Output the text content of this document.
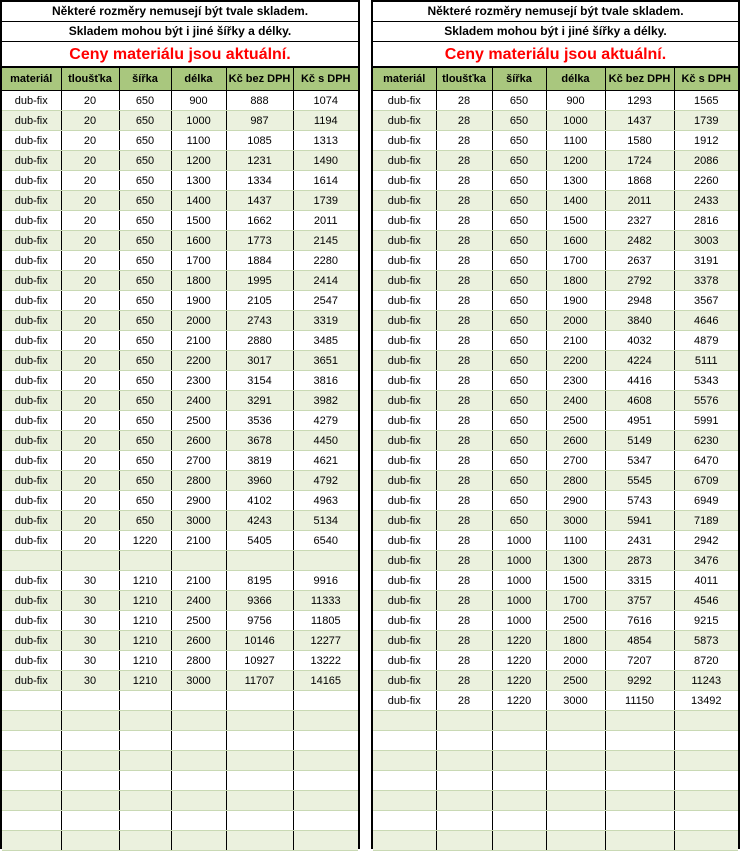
Některé rozměry nemusejí být tvale skladem.
Skladem mohou být i jiné šířky a délky.
Ceny materiálu jsou aktuální.
materiál	tloušťka	šířka	délka	Kč bez DPH	Kč s DPH
dub-fix	20	650	900	888	1074
dub-fix	20	650	1000	987	1194
dub-fix	20	650	1100	1085	1313
dub-fix	20	650	1200	1231	1490
dub-fix	20	650	1300	1334	1614
dub-fix	20	650	1400	1437	1739
dub-fix	20	650	1500	1662	2011
dub-fix	20	650	1600	1773	2145
dub-fix	20	650	1700	1884	2280
dub-fix	20	650	1800	1995	2414
dub-fix	20	650	1900	2105	2547
dub-fix	20	650	2000	2743	3319
dub-fix	20	650	2100	2880	3485
dub-fix	20	650	2200	3017	3651
dub-fix	20	650	2300	3154	3816
dub-fix	20	650	2400	3291	3982
dub-fix	20	650	2500	3536	4279
dub-fix	20	650	2600	3678	4450
dub-fix	20	650	2700	3819	4621
dub-fix	20	650	2800	3960	4792
dub-fix	20	650	2900	4102	4963
dub-fix	20	650	3000	4243	5134
dub-fix	20	1220	2100	5405	6540

dub-fix	30	1210	2100	8195	9916
dub-fix	30	1210	2400	9366	11333
dub-fix	30	1210	2500	9756	11805
dub-fix	30	1210	2600	10146	12277
dub-fix	30	1210	2800	10927	13222
dub-fix	30	1210	3000	11707	14165

Některé rozměry nemusejí být tvale skladem.
Skladem mohou být i jiné šířky a délky.
Ceny materiálu jsou aktuální.
materiál	tloušťka	šířka	délka	Kč bez DPH	Kč s DPH
dub-fix	28	650	900	1293	1565
dub-fix	28	650	1000	1437	1739
dub-fix	28	650	1100	1580	1912
dub-fix	28	650	1200	1724	2086
dub-fix	28	650	1300	1868	2260
dub-fix	28	650	1400	2011	2433
dub-fix	28	650	1500	2327	2816
dub-fix	28	650	1600	2482	3003
dub-fix	28	650	1700	2637	3191
dub-fix	28	650	1800	2792	3378
dub-fix	28	650	1900	2948	3567
dub-fix	28	650	2000	3840	4646
dub-fix	28	650	2100	4032	4879
dub-fix	28	650	2200	4224	5111
dub-fix	28	650	2300	4416	5343
dub-fix	28	650	2400	4608	5576
dub-fix	28	650	2500	4951	5991
dub-fix	28	650	2600	5149	6230
dub-fix	28	650	2700	5347	6470
dub-fix	28	650	2800	5545	6709
dub-fix	28	650	2900	5743	6949
dub-fix	28	650	3000	5941	7189
dub-fix	28	1000	1100	2431	2942
dub-fix	28	1000	1300	2873	3476
dub-fix	28	1000	1500	3315	4011
dub-fix	28	1000	1700	3757	4546
dub-fix	28	1000	2500	7616	9215
dub-fix	28	1220	1800	4854	5873
dub-fix	28	1220	2000	7207	8720
dub-fix	28	1220	2500	9292	11243
dub-fix	28	1220	3000	11150	13492
